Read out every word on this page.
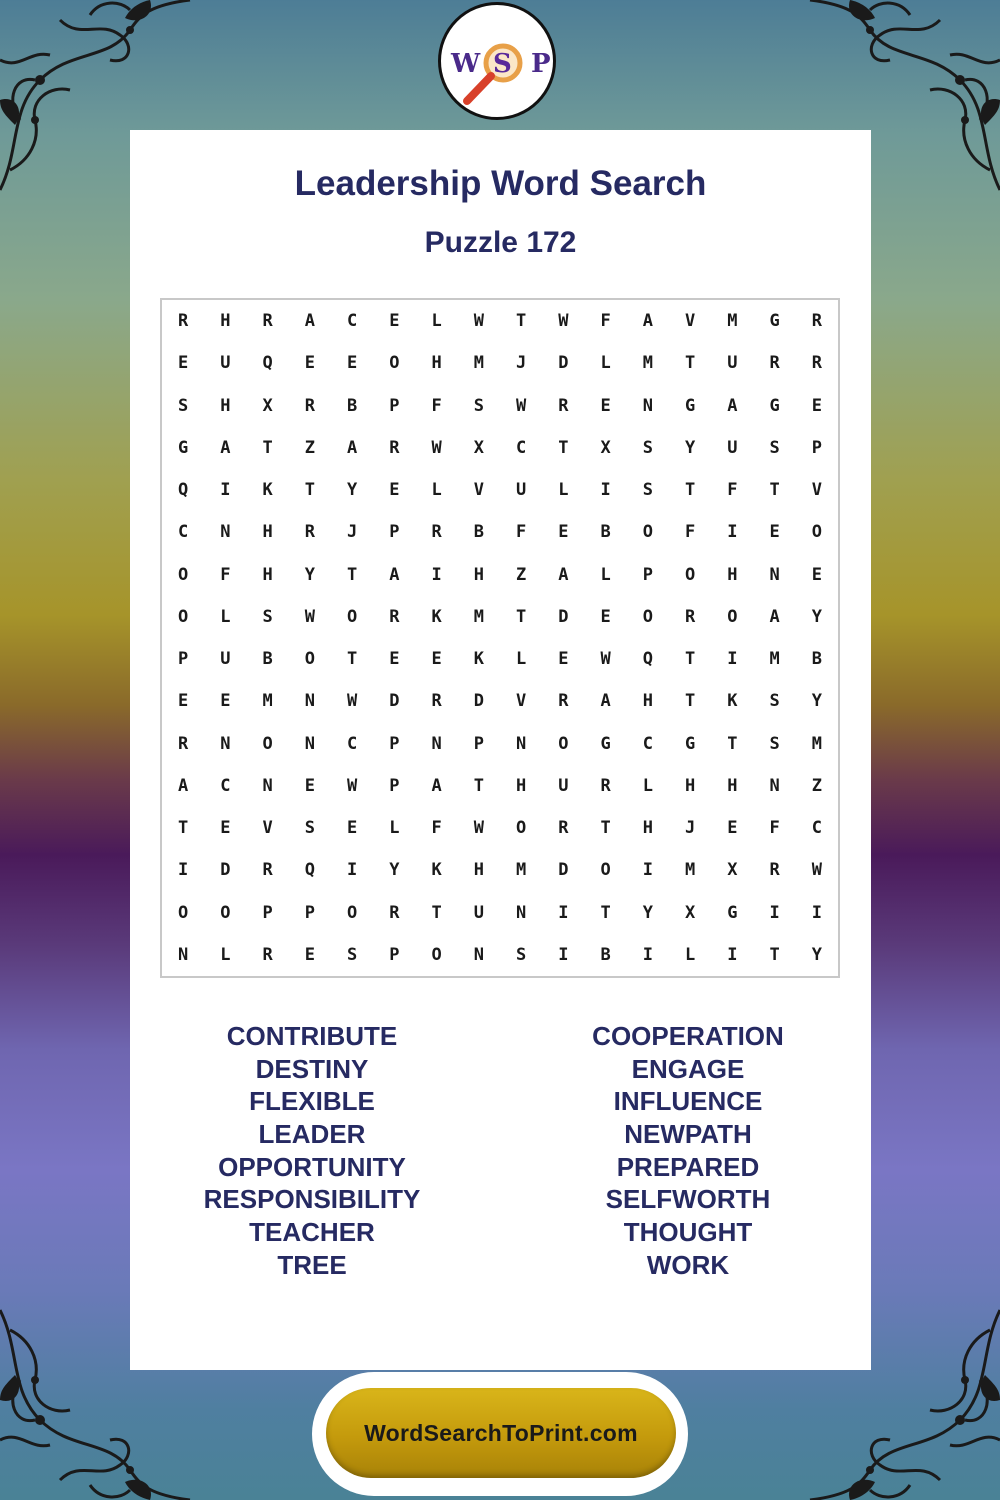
Leadership Word Search
Puzzle 172
R	H	R	A	C	E	L	W	T	W	F	A	V	M	G	R
E	U	Q	E	E	O	H	M	J	D	L	M	T	U	R	R
S	H	X	R	B	P	F	S	W	R	E	N	G	A	G	E
G	A	T	Z	A	R	W	X	C	T	X	S	Y	U	S	P
Q	I	K	T	Y	E	L	V	U	L	I	S	T	F	T	V
C	N	H	R	J	P	R	B	F	E	B	O	F	I	E	O
O	F	H	Y	T	A	I	H	Z	A	L	P	O	H	N	E
O	L	S	W	O	R	K	M	T	D	E	O	R	O	A	Y
P	U	B	O	T	E	E	K	L	E	W	Q	T	I	M	B
E	E	M	N	W	D	R	D	V	R	A	H	T	K	S	Y
R	N	O	N	C	P	N	P	N	O	G	C	G	T	S	M
A	C	N	E	W	P	A	T	H	U	R	L	H	H	N	Z
T	E	V	S	E	L	F	W	O	R	T	H	J	E	F	C
I	D	R	Q	I	Y	K	H	M	D	O	I	M	X	R	W
O	O	P	P	O	R	T	U	N	I	T	Y	X	G	I	I
N	L	R	E	S	P	O	N	S	I	B	I	L	I	T	Y
CONTRIBUTE
DESTINY
FLEXIBLE
LEADER
OPPORTUNITY
RESPONSIBILITY
TEACHER
TREE
COOPERATION
ENGAGE
INFLUENCE
NEWPATH
PREPARED
SELFWORTH
THOUGHT
WORK
W S P
WordSearchToPrint.com
